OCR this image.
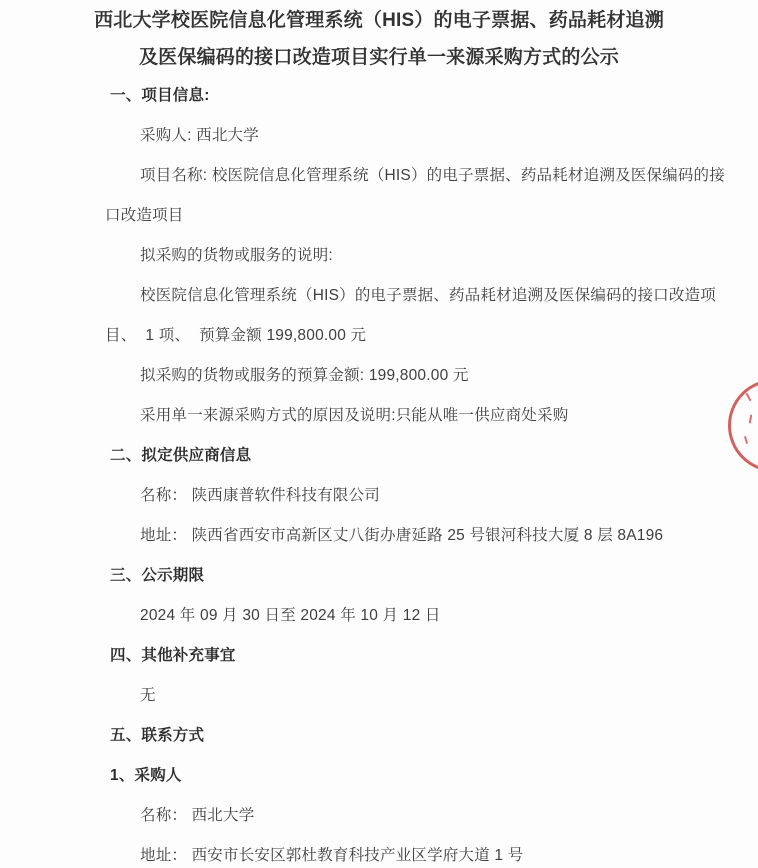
西北大学校医院信息化管理系统（HIS）的电子票据、药品耗材追溯
及医保编码的接口改造项目实行单一来源采购方式的公示
一、项目信息:
采购人: 西北大学
项目名称: 校医院信息化管理系统（HIS）的电子票据、药品耗材追溯及医保编码的接
口改造项目
拟采购的货物或服务的说明:
校医院信息化管理系统（HIS）的电子票据、药品耗材追溯及医保编码的接口改造项
目、  1 项、  预算金额 199,800.00 元
拟采购的货物或服务的预算金额: 199,800.00 元
采用单一来源采购方式的原因及说明:只能从唯一供应商处采购
二、拟定供应商信息
名称： 陕西康普软件科技有限公司
地址： 陕西省西安市高新区丈八街办唐延路 25 号银河科技大厦 8 层 8A196
三、公示期限
2024 年 09 月 30 日至 2024 年 10 月 12 日
四、其他补充事宜
无
五、联系方式
1、采购人
名称： 西北大学
地址： 西安市长安区郭杜教育科技产业区学府大道 1 号
